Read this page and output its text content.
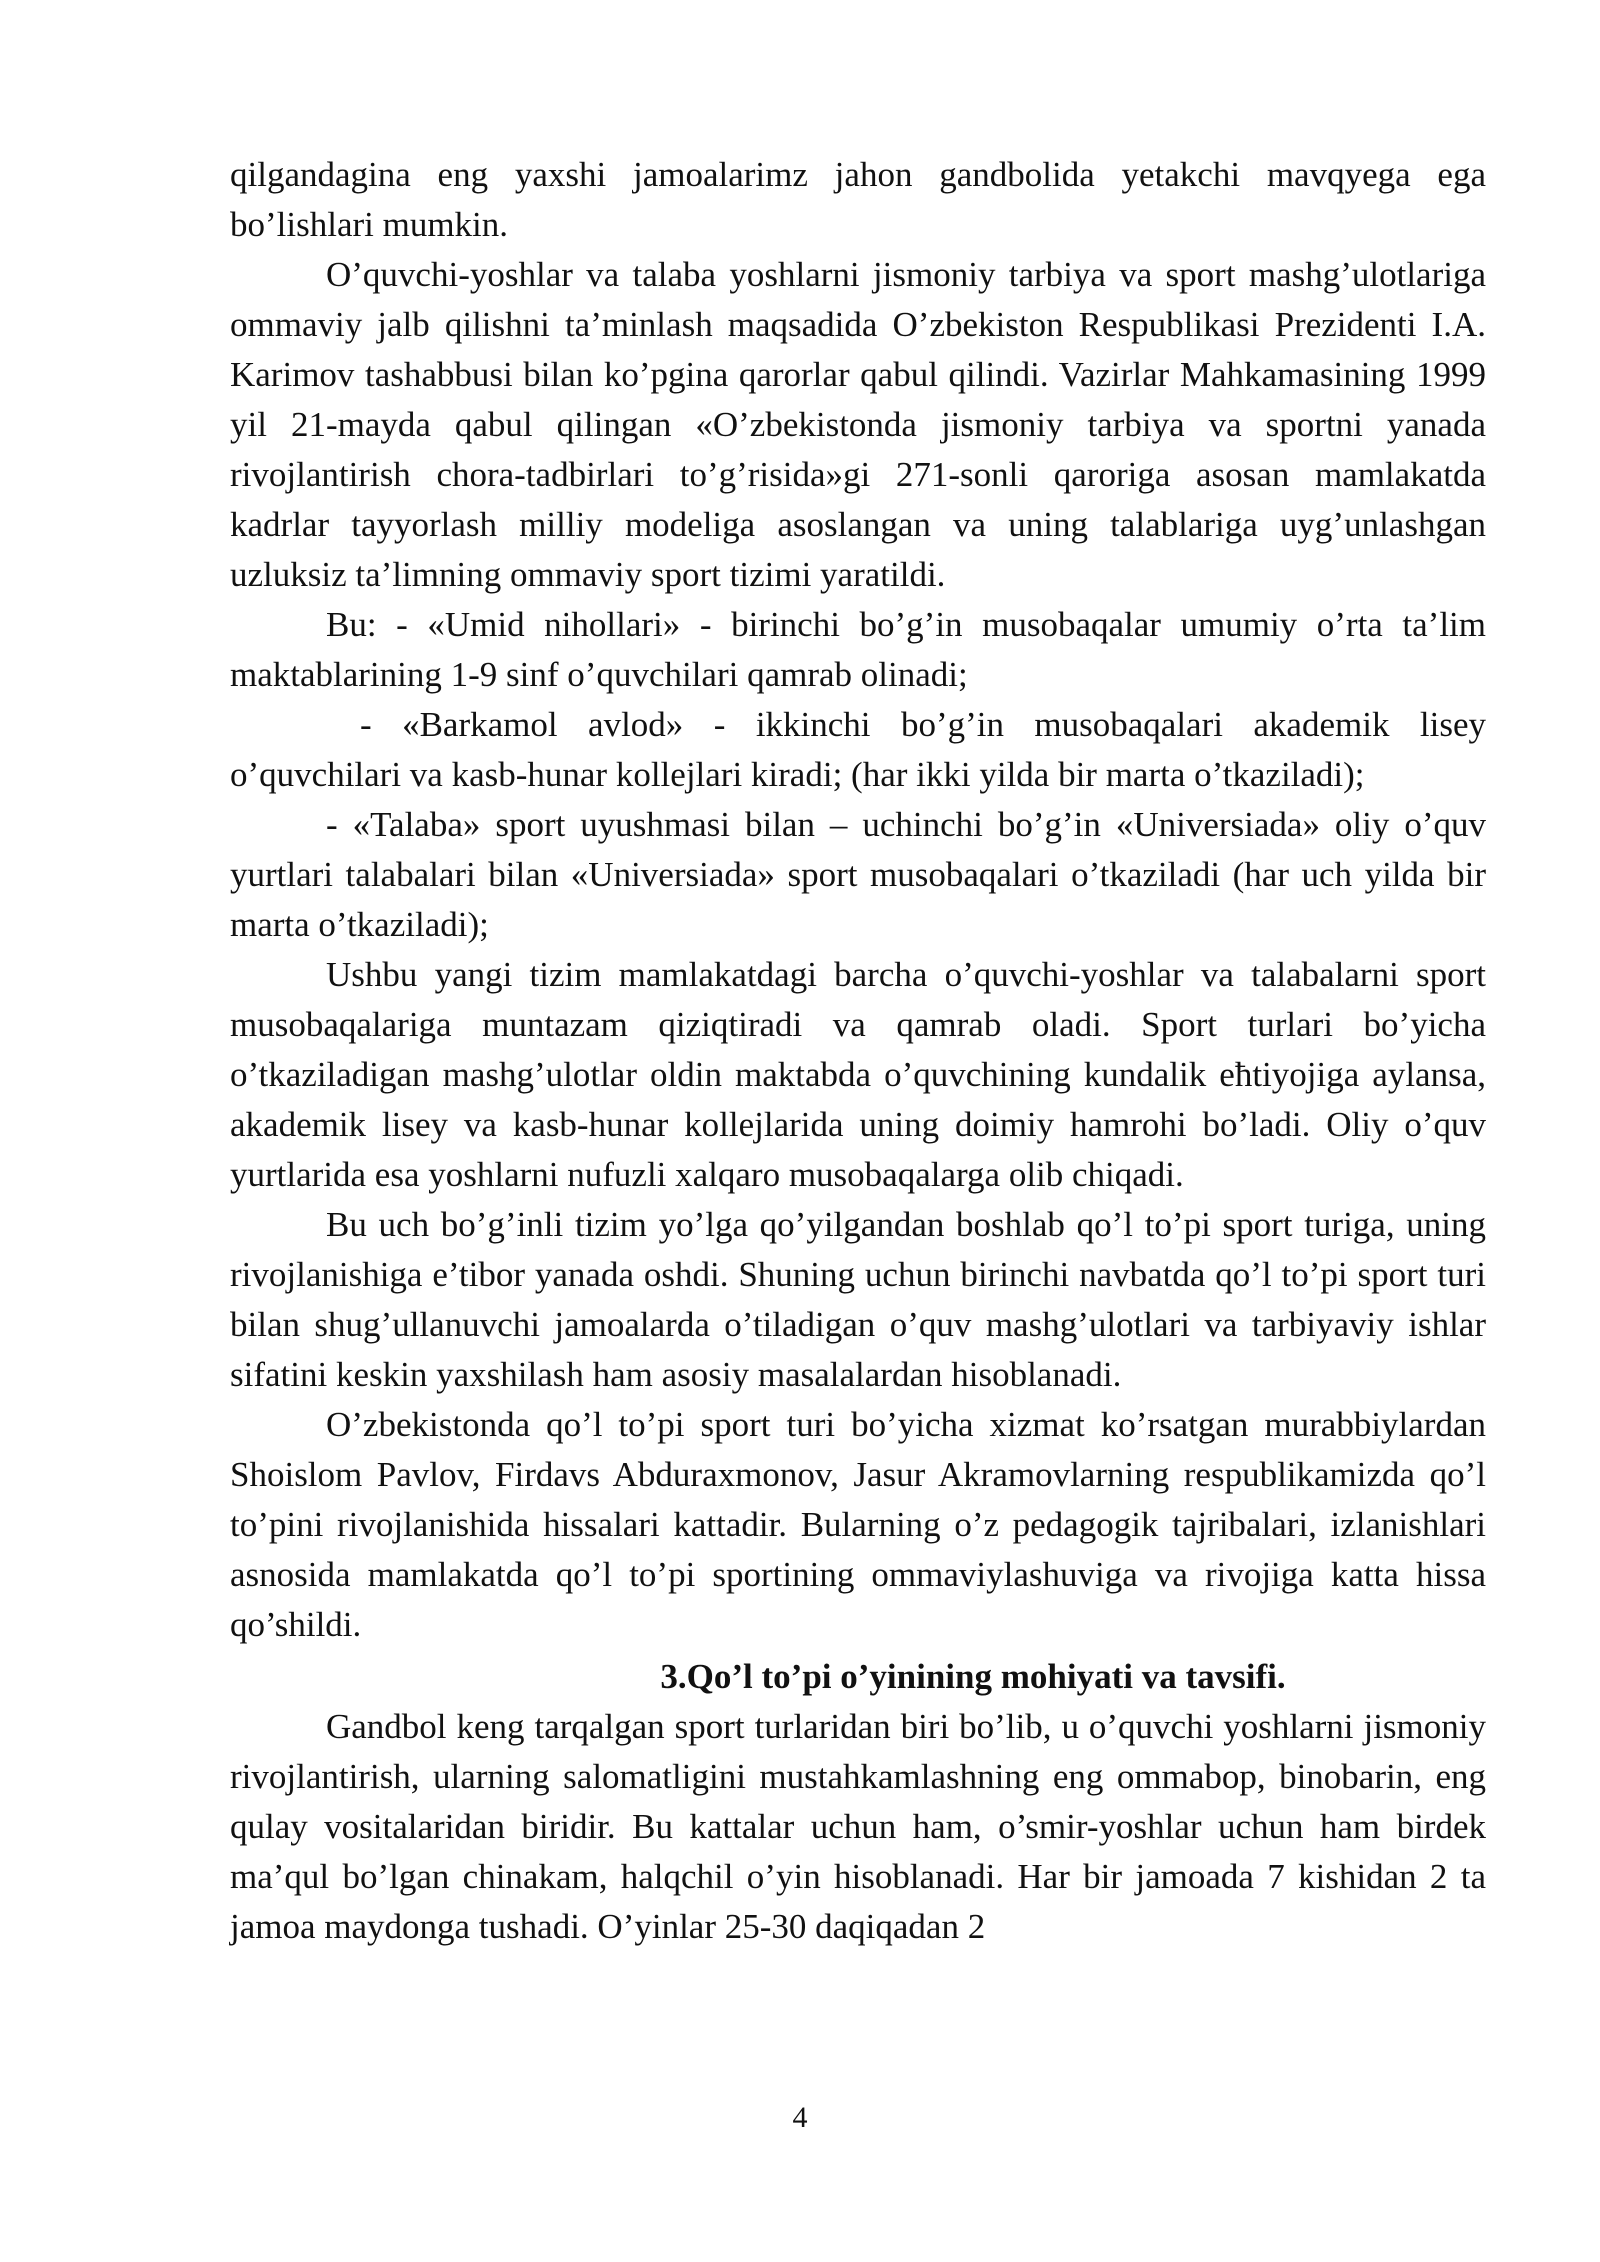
qilgandagina eng yaxshi jamoalarimz jahon gandbolida yetakchi mavqyega ega bo’lishlari mumkin.

O’quvchi-yoshlar va talaba yoshlarni jismoniy tarbiya va sport mashg’ulotlariga ommaviy jalb qilishni ta’minlash maqsadida O’zbekiston Respublikasi Prezidenti I.A. Karimov tashabbusi bilan ko’pgina qarorlar qabul qilindi. Vazirlar Mahkamasining 1999 yil 21-mayda qabul qilingan «O’zbekistonda jismoniy tarbiya va sportni yanada rivojlantirish chora-tadbirlari to’g’risida»gi 271-sonli qaroriga asosan mamlakatda kadrlar tayyorlash milliy modeliga asoslangan va uning talablariga uyg’unlashgan uzluksiz ta’limning ommaviy sport tizimi yaratildi.

Bu: - «Umid nihollari» - birinchi bo’g’in musobaqalar umumiy o’rta ta’lim maktablarining 1-9 sinf o’quvchilari qamrab olinadi;

- «Barkamol avlod» - ikkinchi bo’g’in musobaqalari akademik lisey o’quvchilari va kasb-hunar kollejlari kiradi; (har ikki yilda bir marta o’tkaziladi);

- «Talaba» sport uyushmasi bilan – uchinchi bo’g’in «Universiada» oliy o’quv yurtlari talabalari bilan «Universiada» sport musobaqalari o’tkaziladi (har uch yilda bir marta o’tkaziladi);

Ushbu yangi tizim mamlakatdagi barcha o’quvchi-yoshlar va talabalarni sport musobaqalariga muntazam qiziqtiradi va qamrab oladi. Sport turlari bo’yicha o’tkaziladigan mashg’ulotlar oldin maktabda o’quvchining kundalik eħtiyojiga aylansa, akademik lisey va kasb-hunar kollejlarida uning doimiy hamrohi bo’ladi. Oliy o’quv yurtlarida esa yoshlarni nufuzli xalqaro musobaqalarga olib chiqadi.

Bu uch bo’g’inli tizim yo’lga qo’yilgandan boshlab qo’l to’pi sport turiga, uning rivojlanishiga e’tibor yanada oshdi. Shuning uchun birinchi navbatda qo’l to’pi sport turi bilan shug’ullanuvchi jamoalarda o’tiladigan o’quv mashg’ulotlari va tarbiyaviy ishlar sifatini keskin yaxshilash ham asosiy masalalardan hisoblanadi.

O’zbekistonda qo’l to’pi sport turi bo’yicha xizmat ko’rsatgan murabbiylardan Shoislom Pavlov, Firdavs Abduraxmonov, Jasur Akramovlarning respublikamizda qo’l to’pini rivojlanishida hissalari kattadir. Bularning o’z pedagogik tajribalari, izlanishlari asnosida mamlakatda qo’l to’pi sportining ommaviylashuviga va rivojiga katta hissa qo’shildi.

3.Qo’l to’pi o’yinining mohiyati va tavsifi.

Gandbol keng tarqalgan sport turlaridan biri bo’lib, u o’quvchi yoshlarni jismoniy rivojlantirish, ularning salomatligini mustahkamlashning eng ommabop, binobarin, eng qulay vositalaridan biridir. Bu kattalar uchun ham, o’smir-yoshlar uchun ham birdek ma’qul bo’lgan chinakam, halqchil o’yin hisoblanadi. Har bir jamoada 7 kishidan 2 ta jamoa maydonga tushadi. O’yinlar 25-30 daqiqadan 2

4
